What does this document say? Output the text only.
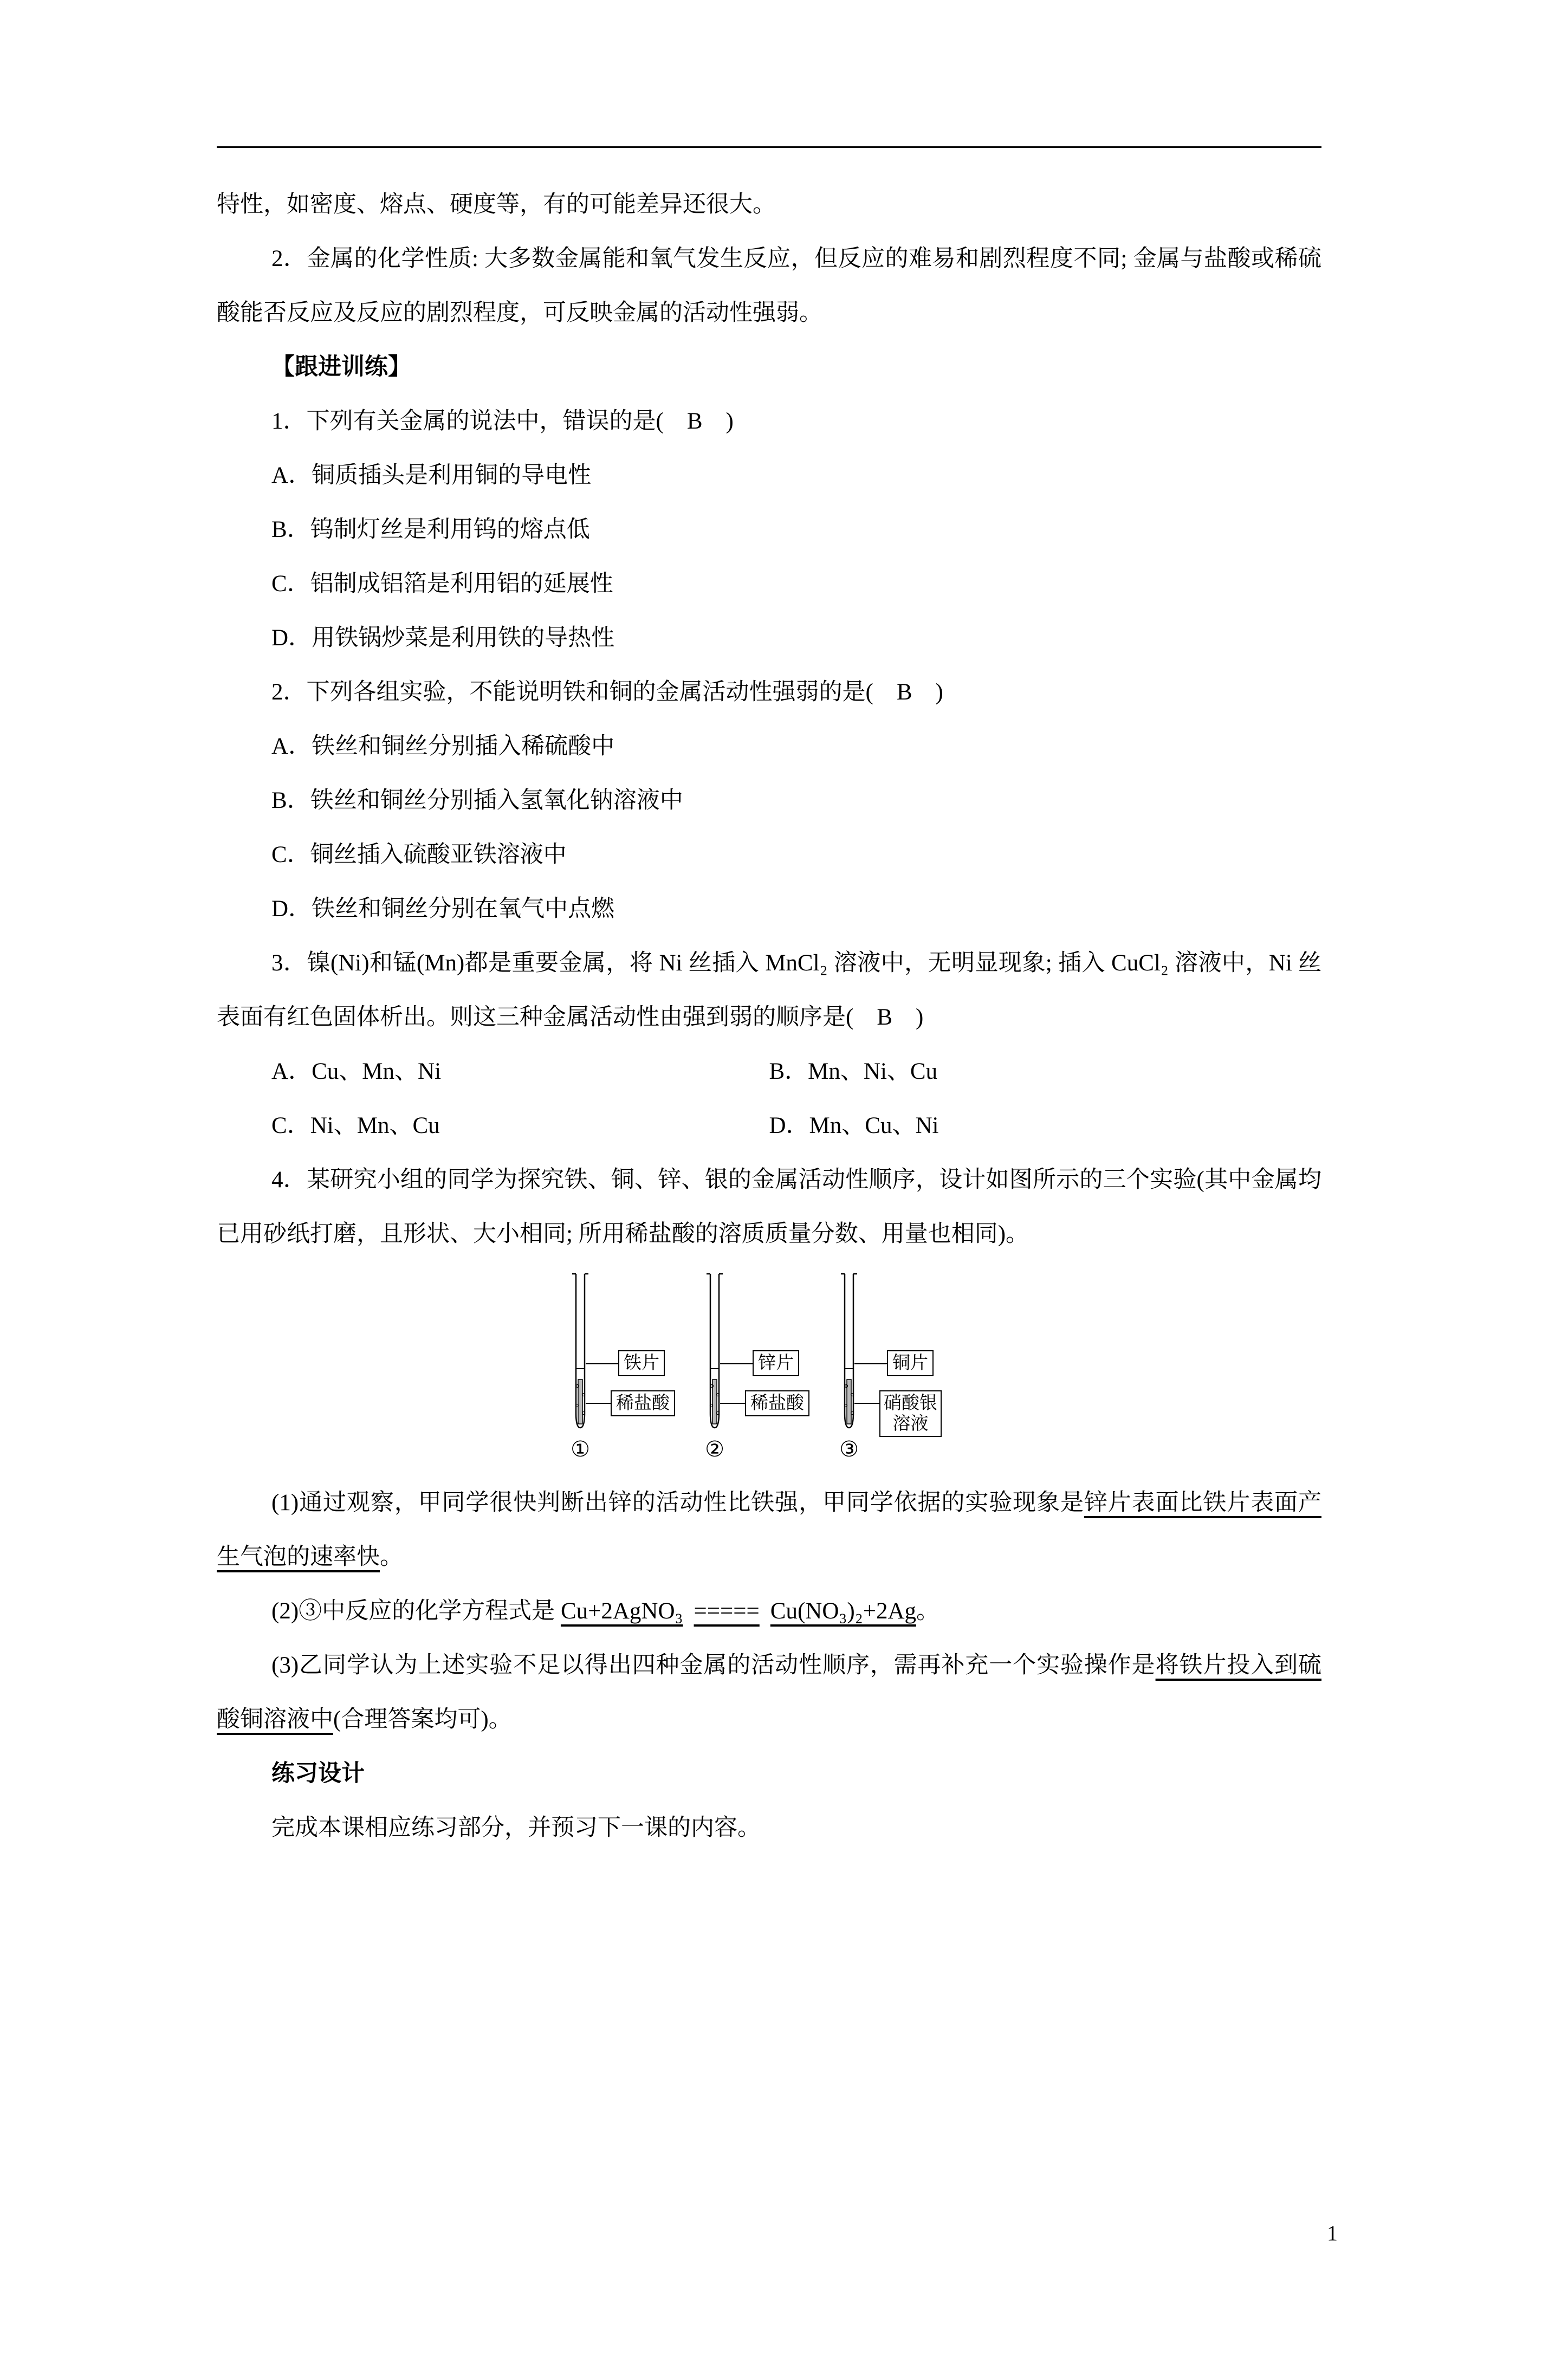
特性，如密度、熔点、硬度等，有的可能差异还很大。

2．金属的化学性质: 大多数金属能和氧气发生反应，但反应的难易和剧烈程度不同; 金属与盐酸或稀硫酸能否反应及反应的剧烈程度，可反映金属的活动性强弱。

【跟进训练】

1．下列有关金属的说法中，错误的是(　B　)

A．铜质插头是利用铜的导电性

B．钨制灯丝是利用钨的熔点低

C．铝制成铝箔是利用铝的延展性

D．用铁锅炒菜是利用铁的导热性

2．下列各组实验，不能说明铁和铜的金属活动性强弱的是(　B　)

A．铁丝和铜丝分别插入稀硫酸中

B．铁丝和铜丝分别插入氢氧化钠溶液中

C．铜丝插入硫酸亚铁溶液中

D．铁丝和铜丝分别在氧气中点燃

3．镍(Ni)和锰(Mn)都是重要金属，将 Ni 丝插入 MnCl₂ 溶液中，无明显现象; 插入 CuCl₂ 溶液中，Ni 丝表面有红色固体析出。则这三种金属活动性由强到弱的顺序是(　B　)

A．Cu、Mn、Ni	B．Mn、Ni、Cu
C．Ni、Mn、Cu	D．Mn、Cu、Ni

4．某研究小组的同学为探究铁、铜、锌、银的金属活动性顺序，设计如图所示的三个实验(其中金属均已用砂纸打磨，且形状、大小相同; 所用稀盐酸的溶质质量分数、用量也相同)。

铁片
稀盐酸
①
锌片
稀盐酸
②
铜片
硝酸银
溶液
③

(1)通过观察，甲同学很快判断出锌的活动性比铁强，甲同学依据的实验现象是锌片表面比铁片表面产生气泡的速率快。

(2)③中反应的化学方程式是 Cu+2AgNO₃ ===== Cu(NO₃)₂+2Ag。

(3)乙同学认为上述实验不足以得出四种金属的活动性顺序，需再补充一个实验操作是将铁片投入到硫酸铜溶液中(合理答案均可)。

练习设计

完成本课相应练习部分，并预习下一课的内容。

1
